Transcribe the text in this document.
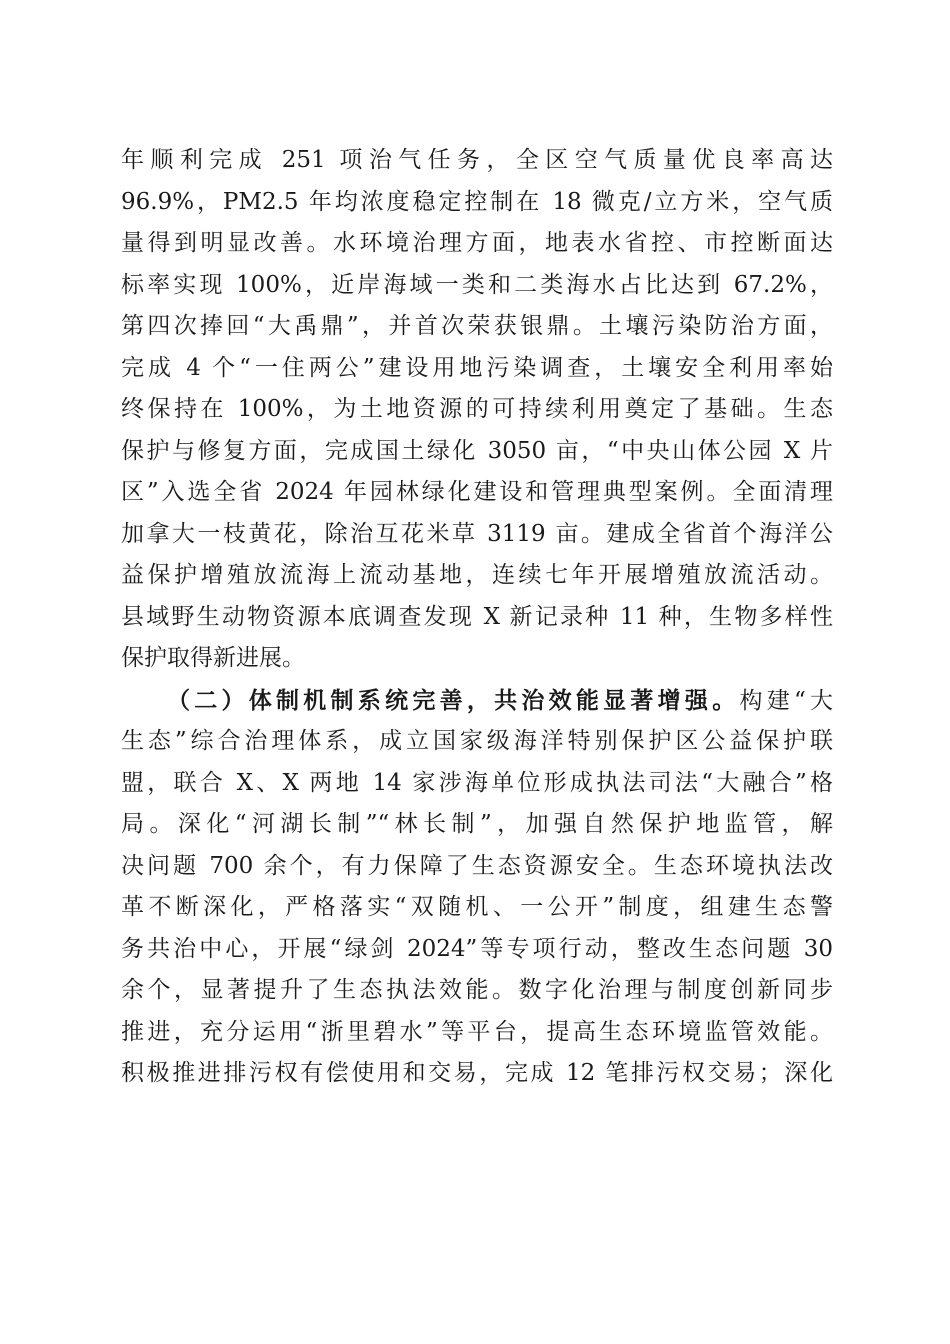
年顺利完成 251 项治气任务，全区空气质量优良率高达
96.9%，PM2.5 年均浓度稳定控制在 18 微克/立方米，空气质
量得到明显改善。水环境治理方面，地表水省控、市控断面达
标率实现 100%，近岸海域一类和二类海水占比达到 67.2%，
第四次捧回“大禹鼎”，并首次荣获银鼎。土壤污染防治方面，
完成 4 个“一住两公”建设用地污染调查，土壤安全利用率始
终保持在 100%，为土地资源的可持续利用奠定了基础。生态
保护与修复方面，完成国土绿化 3050 亩，“中央山体公园 X 片
区”入选全省 2024 年园林绿化建设和管理典型案例。全面清理
加拿大一枝黄花，除治互花米草 3119 亩。建成全省首个海洋公
益保护增殖放流海上流动基地，连续七年开展增殖放流活动。
县域野生动物资源本底调查发现 X 新记录种 11 种，生物多样性
保护取得新进展。
（二）体制机制系统完善，共治效能显著增强。构建“大
生态”综合治理体系，成立国家级海洋特别保护区公益保护联
盟，联合 X、X 两地 14 家涉海单位形成执法司法“大融合”格
局。深化“河湖长制”“林长制”，加强自然保护地监管，解
决问题 700 余个，有力保障了生态资源安全。生态环境执法改
革不断深化，严格落实“双随机、一公开”制度，组建生态警
务共治中心，开展“绿剑 2024”等专项行动，整改生态问题 30
余个，显著提升了生态执法效能。数字化治理与制度创新同步
推进，充分运用“浙里碧水”等平台，提高生态环境监管效能。
积极推进排污权有偿使用和交易，完成 12 笔排污权交易；深化
